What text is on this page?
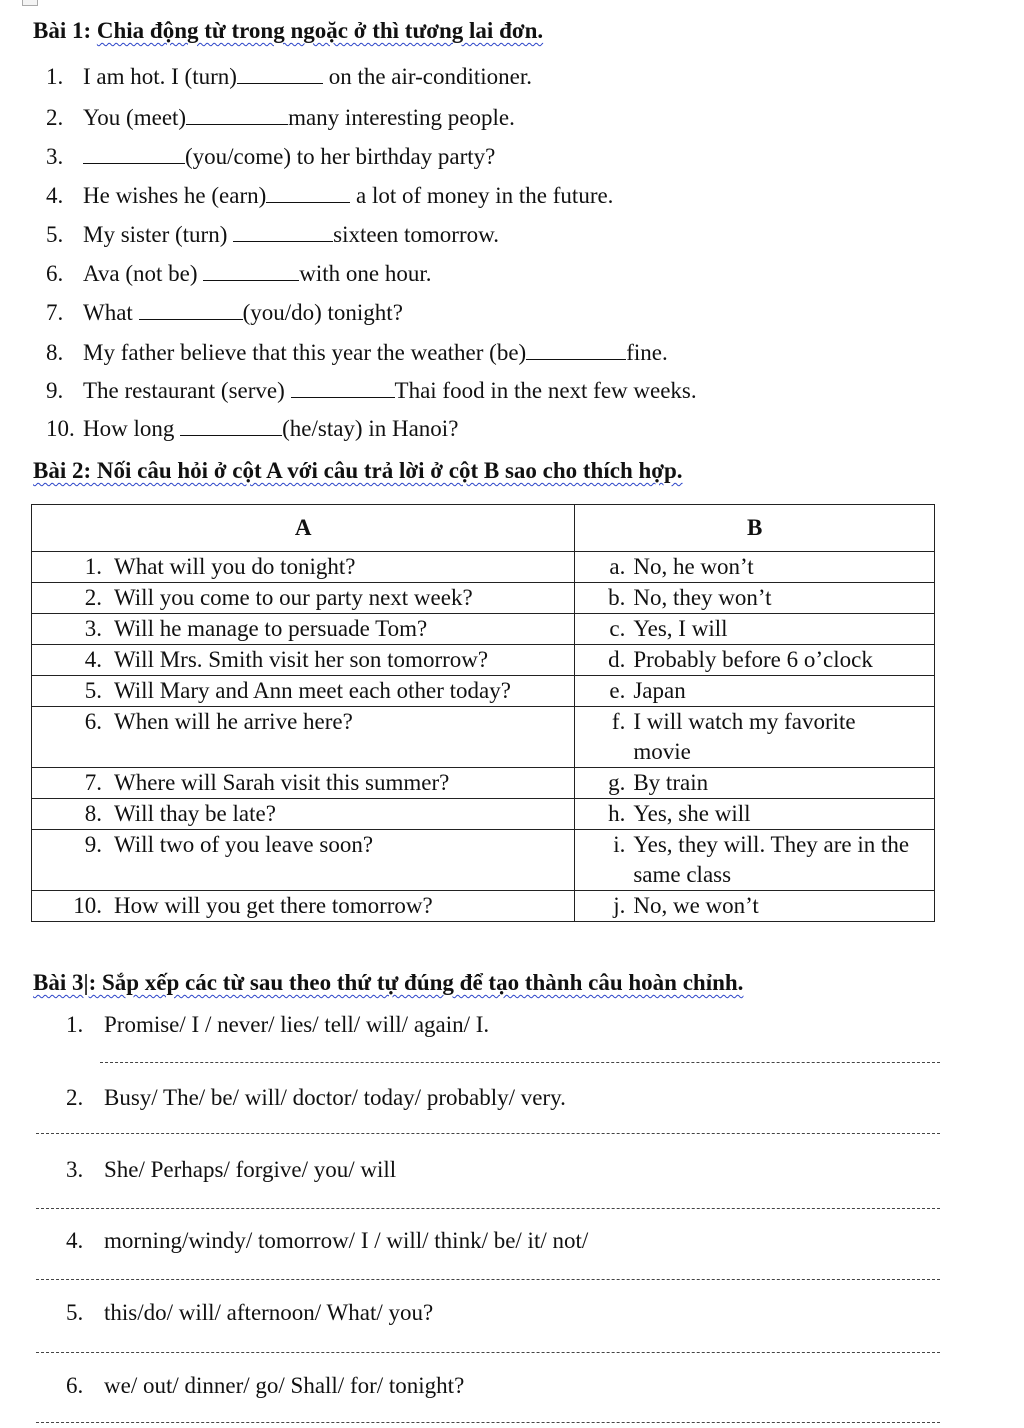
Bài 1: Chia động từ trong ngoặc ở thì tương lai đơn.
1. I am hot. I (turn)	on the air-conditioner.
2. You (meet)	many interesting people.
3.	(you/come) to her birthday party?
4. He wishes he (earn)	a lot of money in the future.
5. My sister (turn)	sixteen tomorrow.
6. Ava (not be)	with one hour.
7. What	(you/do) tonight?
8. My father believe that this year the weather (be)	fine.
9. The restaurant (serve)	Thai food in the next few weeks.
10. How long	(he/stay) in Hanoi?
Bài 2: Nối câu hỏi ở cột A với câu trả lời ở cột B sao cho thích hợp.
A	B

1. What will you do tonight?	a. No, he won’t

2. Will you come to our party next week?	b. No, they won’t

3. Will he manage to persuade Tom?	c. Yes, I will

4. Will Mrs. Smith visit her son tomorrow?	d. Probably before 6 o’clock

5. Will Mary and Ann meet each other today?	e. Japan

6. When will he arrive here?	f. I will watch my favorite movie

7. Where will Sarah visit this summer?	g. By train

8. Will thay be late?	h. Yes, she will

9. Will two of you leave soon?	i. Yes, they will. They are in the same class

10. How will you get there tomorrow?	j. No, we won’t
Bài 3|: Sắp xếp các từ sau theo thứ tự đúng để tạo thành câu hoàn chỉnh.
1. Promise/ I / never/ lies/ tell/ will/ again/ I.
2. Busy/ The/ be/ will/ doctor/ today/ probably/ very.
3. She/ Perhaps/ forgive/ you/ will
4. morning/windy/ tomorrow/ I / will/ think/ be/ it/ not/
5. this/do/ will/ afternoon/ What/ you?
6. we/ out/ dinner/ go/ Shall/ for/ tonight?
